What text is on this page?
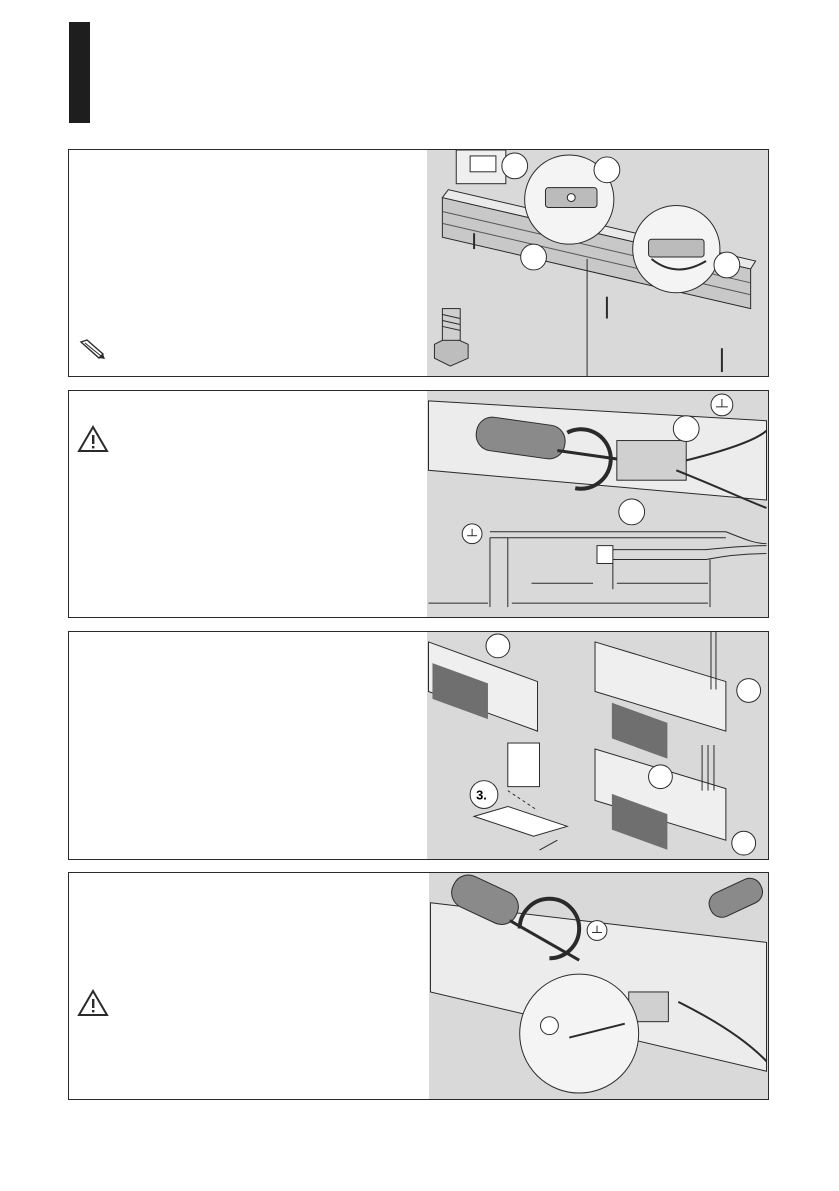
3.
